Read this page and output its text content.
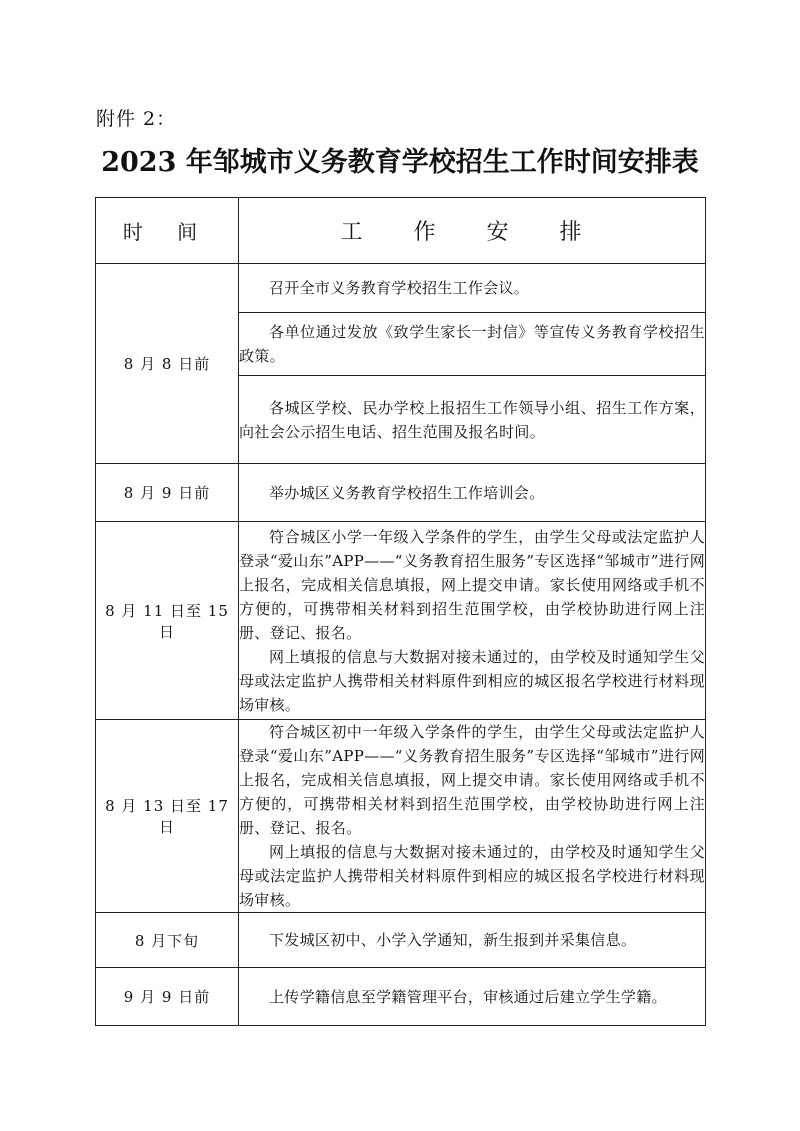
附件 2：
2023 年邹城市义务教育学校招生工作时间安排表
时 间	工 作 安 排
8 月 8 日前	召开全市义务教育学校招生工作会议。

	各单位通过发放《致学生家长一封信》等宣传义务教育学校招生政策。

	各城区学校、民办学校上报招生工作领导小组、招生工作方案，向社会公示招生电话、招生范围及报名时间。

8 月 9 日前	举办城区义务教育学校招生工作培训会。

8 月 11 日至 15 日	符合城区小学一年级入学条件的学生，由学生父母或法定监护人登录“爱山东”APP——“义务教育招生服务”专区选择“邹城市”进行网上报名，完成相关信息填报，网上提交申请。家长使用网络或手机不方便的，可携带相关材料到招生范围学校，由学校协助进行网上注册、登记、报名。

网上填报的信息与大数据对接未通过的，由学校及时通知学生父母或法定监护人携带相关材料原件到相应的城区报名学校进行材料现场审核。

8 月 13 日至 17 日	符合城区初中一年级入学条件的学生，由学生父母或法定监护人登录“爱山东”APP——“义务教育招生服务”专区选择“邹城市”进行网上报名，完成相关信息填报，网上提交申请。家长使用网络或手机不方便的，可携带相关材料到招生范围学校，由学校协助进行网上注册、登记、报名。

网上填报的信息与大数据对接未通过的，由学校及时通知学生父母或法定监护人携带相关材料原件到相应的城区报名学校进行材料现场审核。

8 月下旬	下发城区初中、小学入学通知，新生报到并采集信息。

9 月 9 日前	上传学籍信息至学籍管理平台，审核通过后建立学生学籍。
